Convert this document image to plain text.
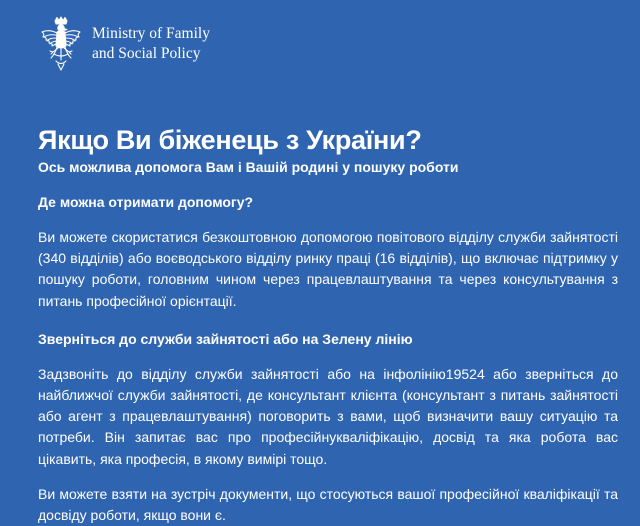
Ministry of Family
and Social Policy
Якщо Ви біженець з України?
Ось можлива допомога Вам і Вашій родині у пошуку роботи
Де можна отримати допомогу?

Ви можете скористатися безкоштовною допомогою повітового відділу служби зайнятості (340 відділів) або воєводського відділу ринку праці (16 відділів), що включає підтримку у пошуку роботи, головним чином через працевлаштування та через консультування з питань професійної орієнтації.

Зверніться до служби зайнятості або на Зелену лінію

Задзвоніть до відділу служби зайнятості або на інфолінію19524 або зверніться до найближчої служби зайнятості, де консультант клієнта (консультант з питань зайнятості або агент з працевлаштування) поговорить з вами, щоб визначити вашу ситуацію та потреби. Він запитає вас про професійнукваліфікацію, досвід та яка робота вас цікавить, яка професія, в якому вимірі тощо.

Ви можете взяти на зустріч документи, що стосуються вашої професійної кваліфікації та досвіду роботи, якщо вони є.
